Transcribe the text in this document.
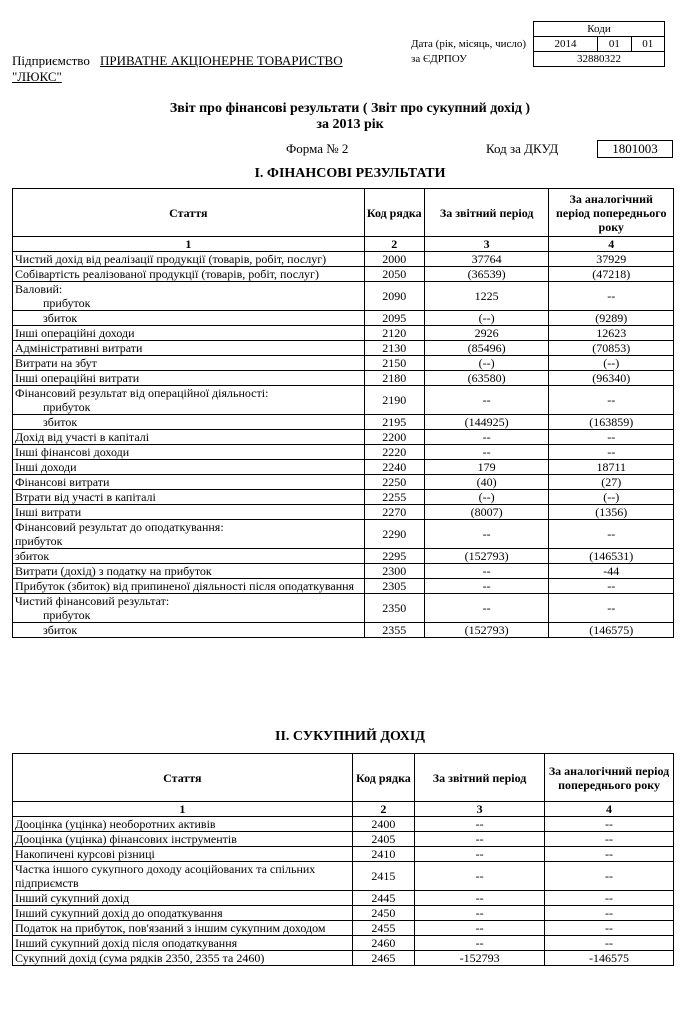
Коди
2014	01	01
32880322
Дата (рік, місяць, число)
за ЄДРПОУ
Підприємство ПРИВАТНЕ АКЦІОНЕРНЕ ТОВАРИСТВО
"ЛЮКС"
Звіт про фінансові результати ( Звіт про сукупний дохід )
за 2013 рік
Форма № 2	Код за ДКУД	1801003
I. ФІНАНСОВІ РЕЗУЛЬТАТИ
Стаття	Код рядка	За звітний період	За аналогічний період попереднього року
1	2	3	4
Чистий дохід від реалізації продукції (товарів, робіт, послуг)	2000	37764	37929
Собівартість реалізованої продукції (товарів, робіт, послуг)	2050	(36539)	(47218)
Валовий:
прибуток	2090	1225	--
збиток	2095	(--)	(9289)
Інші операційні доходи	2120	2926	12623
Адміністративні витрати	2130	(85496)	(70853)
Витрати на збут	2150	(--)	(--)
Інші операційні витрати	2180	(63580)	(96340)
Фінансовий результат від операційної діяльності:
прибуток	2190	--	--
збиток	2195	(144925)	(163859)
Дохід від участі в капіталі	2200	--	--
Інші фінансові доходи	2220	--	--
Інші доходи	2240	179	18711
Фінансові витрати	2250	(40)	(27)
Втрати від участі в капіталі	2255	(--)	(--)
Інші витрати	2270	(8007)	(1356)
Фінансовий результат до оподаткування:
прибуток	2290	--	--
збиток	2295	(152793)	(146531)
Витрати (дохід) з податку на прибуток	2300	--	-44
Прибуток (збиток) від припиненої діяльності після оподаткування	2305	--	--
Чистий фінансовий результат:
прибуток	2350	--	--
збиток	2355	(152793)	(146575)
II. СУКУПНИЙ ДОХІД
Стаття	Код рядка	За звітний період	За аналогічний період попереднього року
1	2	3	4
Дооцінка (уцінка) необоротних активів	2400	--	--
Дооцінка (уцінка) фінансових інструментів	2405	--	--
Накопичені курсові різниці	2410	--	--
Частка іншого сукупного доходу асоційованих та спільних підприємств	2415	--	--
Інший сукупний дохід	2445	--	--
Інший сукупний дохід до оподаткування	2450	--	--
Податок на прибуток, пов'язаний з іншим сукупним доходом	2455	--	--
Інший сукупний дохід після оподаткування	2460	--	--
Сукупний дохід (сума рядків 2350, 2355 та 2460)	2465	-152793	-146575
